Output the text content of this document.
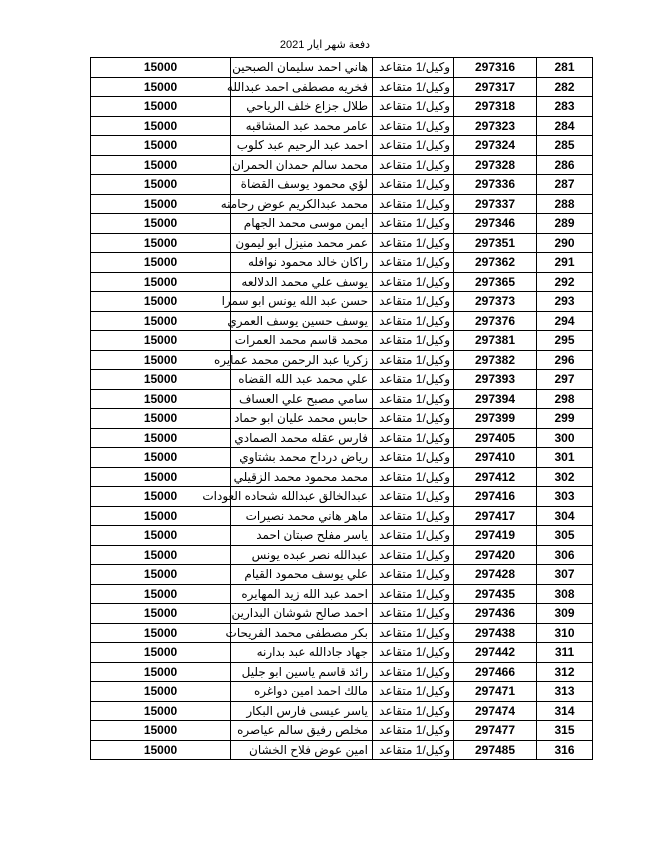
دفعة شهر ايار 2021
15000	هاني احمد سليمان الصبحين	وكيل/1 متقاعد	297316	281
15000	فخريه مصطفى احمد عبدالله	وكيل/1 متقاعد	297317	282
15000	طلال جزاع خلف الرياحي	وكيل/1 متقاعد	297318	283
15000	عامر محمد عبد المشاقبه	وكيل/1 متقاعد	297323	284
15000	احمد عبد الرحيم عبد كلوب	وكيل/1 متقاعد	297324	285
15000	محمد سالم حمدان الحمران	وكيل/1 متقاعد	297328	286
15000	لؤي محمود يوسف القضاة	وكيل/1 متقاعد	297336	287
15000	محمد عبدالكريم عوض رحامنه	وكيل/1 متقاعد	297337	288
15000	ايمن موسى محمد الجهام	وكيل/1 متقاعد	297346	289
15000	عمر محمد منيزل ابو ليمون	وكيل/1 متقاعد	297351	290
15000	راكان خالد محمود نوافله	وكيل/1 متقاعد	297362	291
15000	يوسف علي محمد الدلالعه	وكيل/1 متقاعد	297365	292
15000	حسن عبد الله يونس ابو سمرا	وكيل/1 متقاعد	297373	293
15000	يوسف حسين يوسف العمري	وكيل/1 متقاعد	297376	294
15000	محمد قاسم محمد العمرات	وكيل/1 متقاعد	297381	295
15000	زكريا عبد الرحمن محمد عمايره	وكيل/1 متقاعد	297382	296
15000	علي محمد عبد الله القضاه	وكيل/1 متقاعد	297393	297
15000	سامي مصبح علي العساف	وكيل/1 متقاعد	297394	298
15000	حابس محمد عليان ابو حماد	وكيل/1 متقاعد	297399	299
15000	فارس عقله محمد الصمادي	وكيل/1 متقاعد	297405	300
15000	رياض درداح محمد بشتاوي	وكيل/1 متقاعد	297410	301
15000	محمد محمود محمد الزقيلي	وكيل/1 متقاعد	297412	302
15000	عبدالخالق عبدالله شحاده العودات	وكيل/1 متقاعد	297416	303
15000	ماهر هاني محمد نصيرات	وكيل/1 متقاعد	297417	304
15000	ياسر مفلح صبتان احمد	وكيل/1 متقاعد	297419	305
15000	عبدالله نصر عبده يونس	وكيل/1 متقاعد	297420	306
15000	علي يوسف محمود القيام	وكيل/1 متقاعد	297428	307
15000	احمد عبد الله زيد المهايره	وكيل/1 متقاعد	297435	308
15000	احمد صالح شوشان البدارين	وكيل/1 متقاعد	297436	309
15000	بكر مصطفى محمد الفريحات	وكيل/1 متقاعد	297438	310
15000	جهاد جادالله عبد بدارنه	وكيل/1 متقاعد	297442	311
15000	رائد قاسم ياسين ابو جليل	وكيل/1 متقاعد	297466	312
15000	مالك احمد امين دواغره	وكيل/1 متقاعد	297471	313
15000	ياسر عيسى فارس البكار	وكيل/1 متقاعد	297474	314
15000	مخلص رفيق سالم عياصره	وكيل/1 متقاعد	297477	315
15000	امين عوض فلاح الخشان	وكيل/1 متقاعد	297485	316
